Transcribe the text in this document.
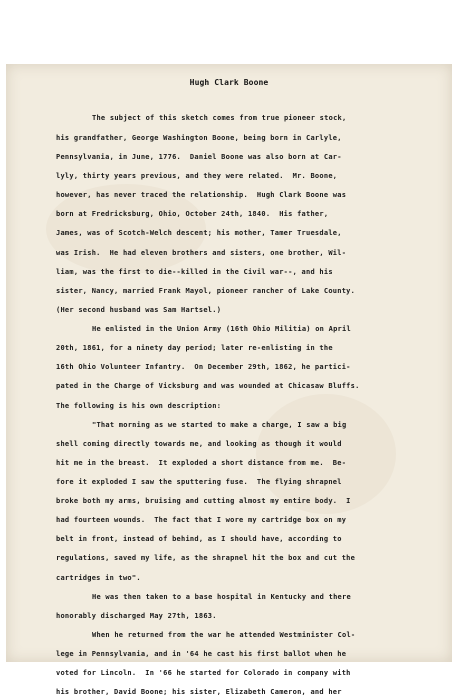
Hugh Clark Boone
The subject of this sketch comes from true pioneer stock,
his grandfather, George Washington Boone, being born in Carlyle,
Pennsylvania, in June, 1776.  Daniel Boone was also born at Car-
lyly, thirty years previous, and they were related.  Mr. Boone,
however, has never traced the relationship.  Hugh Clark Boone was
born at Fredricksburg, Ohio, October 24th, 1840.  His father,
James, was of Scotch-Welch descent; his mother, Tamer Truesdale,
was Irish.  He had eleven brothers and sisters, one brother, Wil-
liam, was the first to die--killed in the Civil war--, and his
sister, Nancy, married Frank Mayol, pioneer rancher of Lake County.
(Her second husband was Sam Hartsel.)
He enlisted in the Union Army (16th Ohio Militia) on April
20th, 1861, for a ninety day period; later re-enlisting in the
16th Ohio Volunteer Infantry.  On December 29th, 1862, he partici-
pated in the Charge of Vicksburg and was wounded at Chicasaw Bluffs.
The following is his own description:
"That morning as we started to make a charge, I saw a big
shell coming directly towards me, and looking as though it would
hit me in the breast.  It exploded a short distance from me.  Be-
fore it exploded I saw the sputtering fuse.  The flying shrapnel
broke both my arms, bruising and cutting almost my entire body.  I
had fourteen wounds.  The fact that I wore my cartridge box on my
belt in front, instead of behind, as I should have, according to
regulations, saved my life, as the shrapnel hit the box and cut the
cartridges in two".
He was then taken to a base hospital in Kentucky and there
honorably discharged May 27th, 1863.
When he returned from the war he attended Westminister Col-
lege in Pennsylvania, and in '64 he cast his first ballot when he
voted for Lincoln.  In '66 he started for Colorado in company with
his brother, David Boone; his sister, Elizabeth Cameron, and her
